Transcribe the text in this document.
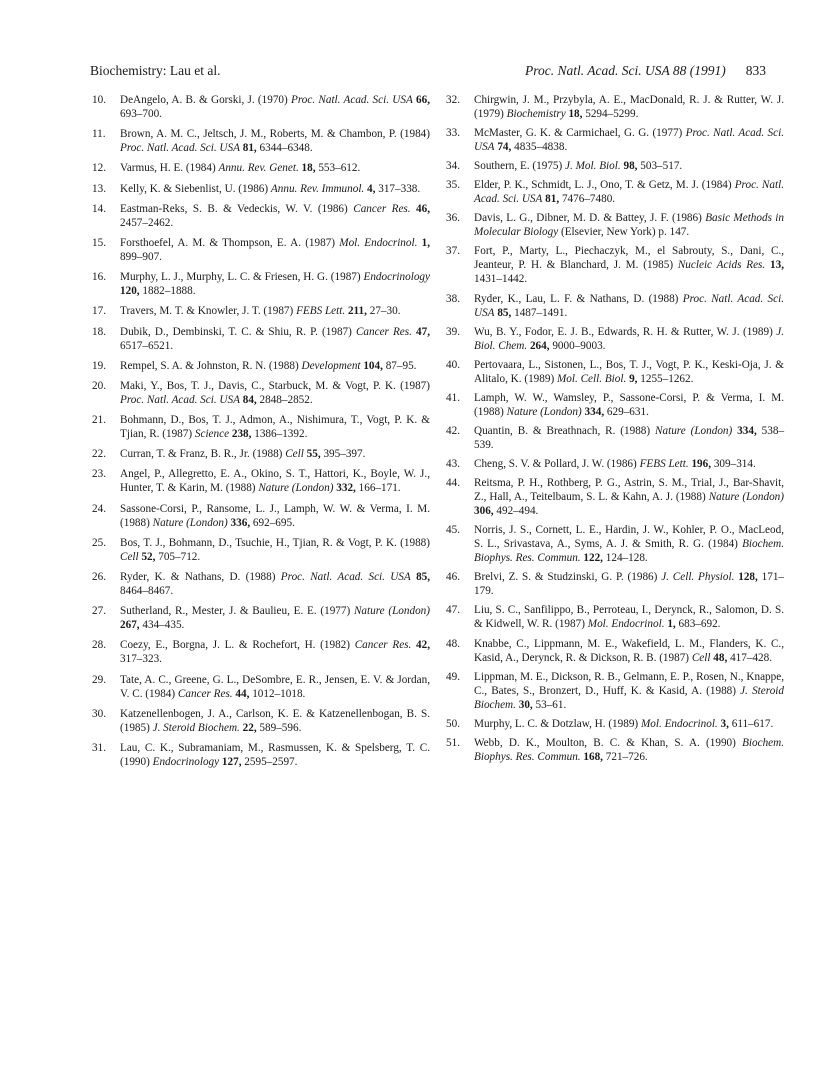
Biochemistry: Lau et al.	Proc. Natl. Acad. Sci. USA 88 (1991) 833
10.	DeAngelo, A. B. & Gorski, J. (1970) Proc. Natl. Acad. Sci. USA 66, 693–700.
11.	Brown, A. M. C., Jeltsch, J. M., Roberts, M. & Chambon, P. (1984) Proc. Natl. Acad. Sci. USA 81, 6344–6348.
12.	Varmus, H. E. (1984) Annu. Rev. Genet. 18, 553–612.
13.	Kelly, K. & Siebenlist, U. (1986) Annu. Rev. Immunol. 4, 317–338.
14.	Eastman-Reks, S. B. & Vedeckis, W. V. (1986) Cancer Res. 46, 2457–2462.
15.	Forsthoefel, A. M. & Thompson, E. A. (1987) Mol. Endocrinol. 1, 899–907.
16.	Murphy, L. J., Murphy, L. C. & Friesen, H. G. (1987) Endocrinology 120, 1882–1888.
17.	Travers, M. T. & Knowler, J. T. (1987) FEBS Lett. 211, 27–30.
18.	Dubik, D., Dembinski, T. C. & Shiu, R. P. (1987) Cancer Res. 47, 6517–6521.
19.	Rempel, S. A. & Johnston, R. N. (1988) Development 104, 87–95.
20.	Maki, Y., Bos, T. J., Davis, C., Starbuck, M. & Vogt, P. K. (1987) Proc. Natl. Acad. Sci. USA 84, 2848–2852.
21.	Bohmann, D., Bos, T. J., Admon, A., Nishimura, T., Vogt, P. K. & Tjian, R. (1987) Science 238, 1386–1392.
22.	Curran, T. & Franz, B. R., Jr. (1988) Cell 55, 395–397.
23.	Angel, P., Allegretto, E. A., Okino, S. T., Hattori, K., Boyle, W. J., Hunter, T. & Karin, M. (1988) Nature (London) 332, 166–171.
24.	Sassone-Corsi, P., Ransome, L. J., Lamph, W. W. & Verma, I. M. (1988) Nature (London) 336, 692–695.
25.	Bos, T. J., Bohmann, D., Tsuchie, H., Tjian, R. & Vogt, P. K. (1988) Cell 52, 705–712.
26.	Ryder, K. & Nathans, D. (1988) Proc. Natl. Acad. Sci. USA 85, 8464–8467.
27.	Sutherland, R., Mester, J. & Baulieu, E. E. (1977) Nature (London) 267, 434–435.
28.	Coezy, E., Borgna, J. L. & Rochefort, H. (1982) Cancer Res. 42, 317–323.
29.	Tate, A. C., Greene, G. L., DeSombre, E. R., Jensen, E. V. & Jordan, V. C. (1984) Cancer Res. 44, 1012–1018.
30.	Katzenellenbogen, J. A., Carlson, K. E. & Katzenellenbogan, B. S. (1985) J. Steroid Biochem. 22, 589–596.
31.	Lau, C. K., Subramaniam, M., Rasmussen, K. & Spelsberg, T. C. (1990) Endocrinology 127, 2595–2597.
32.	Chirgwin, J. M., Przybyla, A. E., MacDonald, R. J. & Rutter, W. J. (1979) Biochemistry 18, 5294–5299.
33.	McMaster, G. K. & Carmichael, G. G. (1977) Proc. Natl. Acad. Sci. USA 74, 4835–4838.
34.	Southern, E. (1975) J. Mol. Biol. 98, 503–517.
35.	Elder, P. K., Schmidt, L. J., Ono, T. & Getz, M. J. (1984) Proc. Natl. Acad. Sci. USA 81, 7476–7480.
36.	Davis, L. G., Dibner, M. D. & Battey, J. F. (1986) Basic Methods in Molecular Biology (Elsevier, New York) p. 147.
37.	Fort, P., Marty, L., Piechaczyk, M., el Sabrouty, S., Dani, C., Jeanteur, P. H. & Blanchard, J. M. (1985) Nucleic Acids Res. 13, 1431–1442.
38.	Ryder, K., Lau, L. F. & Nathans, D. (1988) Proc. Natl. Acad. Sci. USA 85, 1487–1491.
39.	Wu, B. Y., Fodor, E. J. B., Edwards, R. H. & Rutter, W. J. (1989) J. Biol. Chem. 264, 9000–9003.
40.	Pertovaara, L., Sistonen, L., Bos, T. J., Vogt, P. K., Keski-Oja, J. & Alitalo, K. (1989) Mol. Cell. Biol. 9, 1255–1262.
41.	Lamph, W. W., Wamsley, P., Sassone-Corsi, P. & Verma, I. M. (1988) Nature (London) 334, 629–631.
42.	Quantin, B. & Breathnach, R. (1988) Nature (London) 334, 538–539.
43.	Cheng, S. V. & Pollard, J. W. (1986) FEBS Lett. 196, 309–314.
44.	Reitsma, P. H., Rothberg, P. G., Astrin, S. M., Trial, J., Bar-Shavit, Z., Hall, A., Teitelbaum, S. L. & Kahn, A. J. (1988) Nature (London) 306, 492–494.
45.	Norris, J. S., Cornett, L. E., Hardin, J. W., Kohler, P. O., MacLeod, S. L., Srivastava, A., Syms, A. J. & Smith, R. G. (1984) Biochem. Biophys. Res. Commun. 122, 124–128.
46.	Brelvi, Z. S. & Studzinski, G. P. (1986) J. Cell. Physiol. 128, 171–179.
47.	Liu, S. C., Sanfilippo, B., Perroteau, I., Derynck, R., Salomon, D. S. & Kidwell, W. R. (1987) Mol. Endocrinol. 1, 683–692.
48.	Knabbe, C., Lippmann, M. E., Wakefield, L. M., Flanders, K. C., Kasid, A., Derynck, R. & Dickson, R. B. (1987) Cell 48, 417–428.
49.	Lippman, M. E., Dickson, R. B., Gelmann, E. P., Rosen, N., Knappe, C., Bates, S., Bronzert, D., Huff, K. & Kasid, A. (1988) J. Steroid Biochem. 30, 53–61.
50.	Murphy, L. C. & Dotzlaw, H. (1989) Mol. Endocrinol. 3, 611–617.
51.	Webb, D. K., Moulton, B. C. & Khan, S. A. (1990) Biochem. Biophys. Res. Commun. 168, 721–726.
